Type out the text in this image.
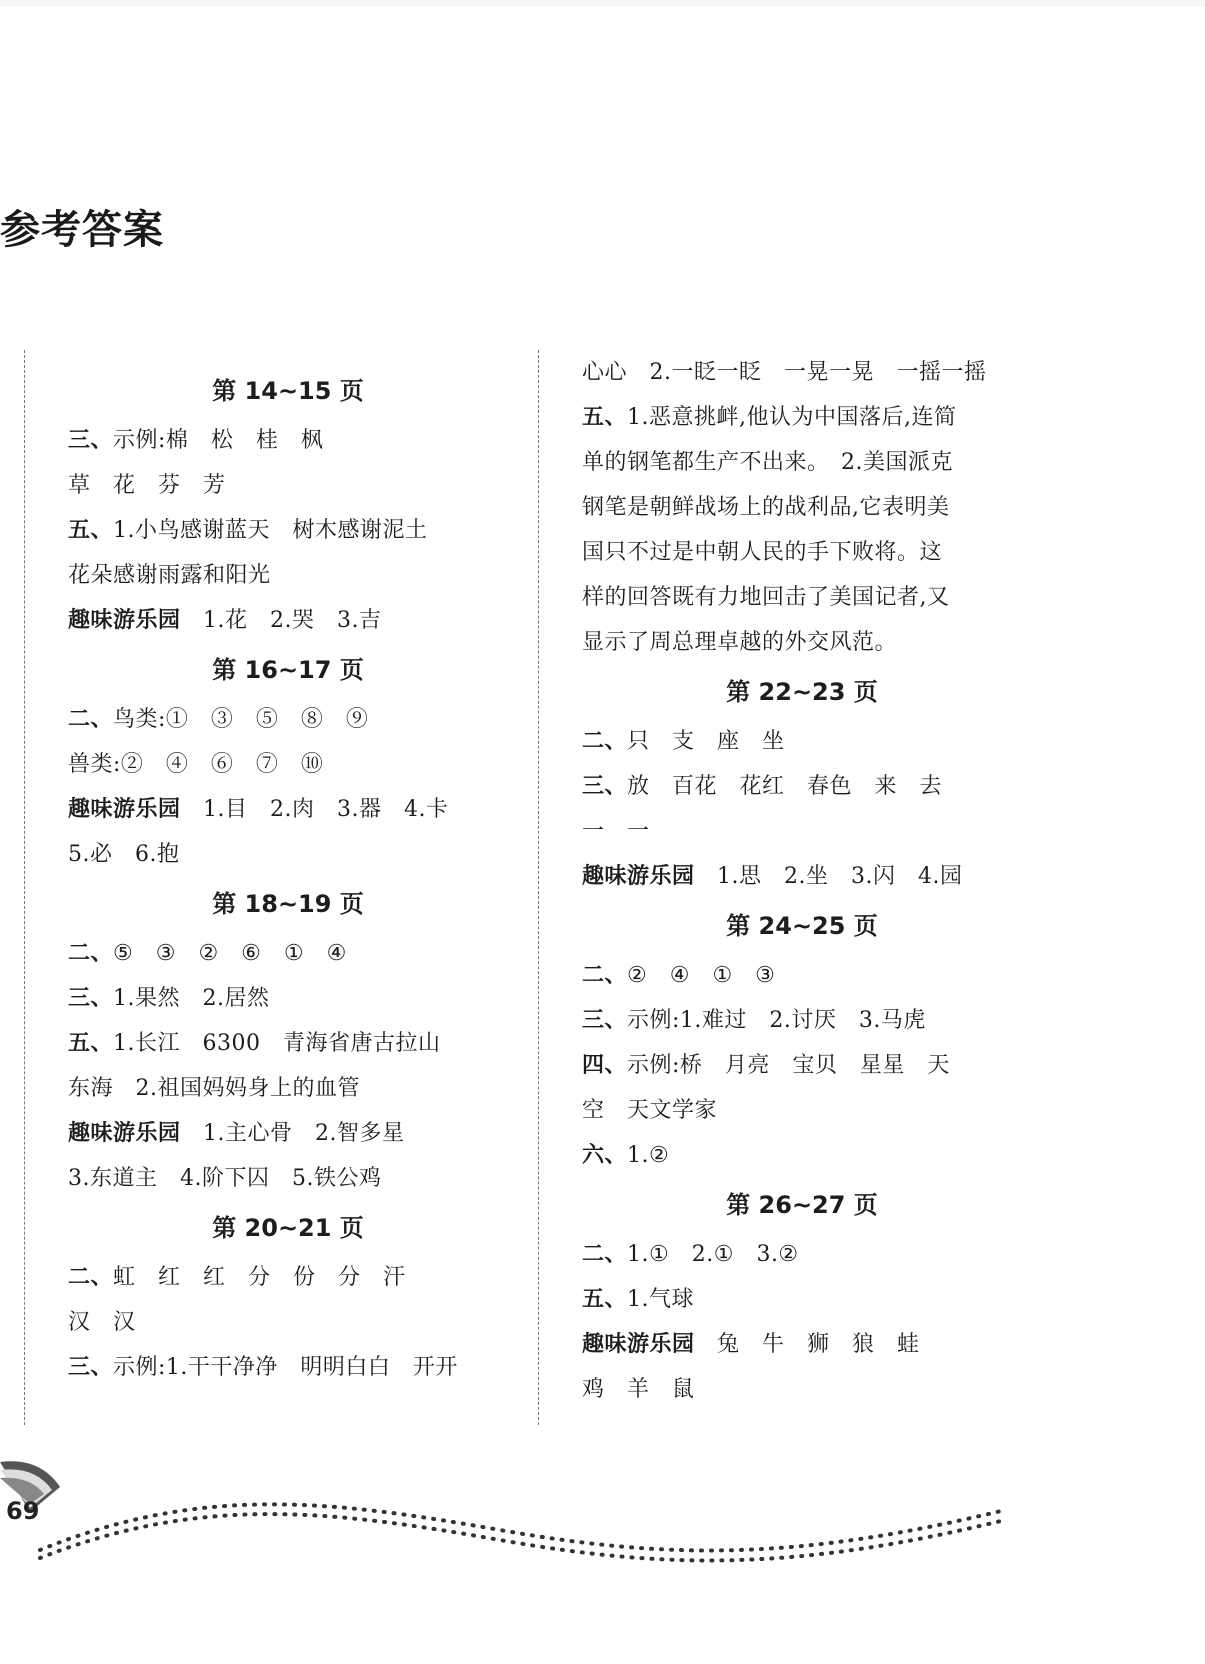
参考答案
第 14~15 页
三、示例:棉　松　桂　枫
草　花　芬　芳
五、1.小鸟感谢蓝天　树木感谢泥土
花朵感谢雨露和阳光
趣味游乐园　1.花　2.哭　3.吉
第 16~17 页
二、鸟类:①　③　⑤　⑧　⑨
兽类:②　④　⑥　⑦　⑩
趣味游乐园　1.目　2.肉　3.器　4.卡
5.必　6.抱
第 18~19 页
二、⑤　③　②　⑥　①　④
三、1.果然　2.居然
五、1.长江　6300　青海省唐古拉山
东海　2.祖国妈妈身上的血管
趣味游乐园　1.主心骨　2.智多星
3.东道主　4.阶下囚　5.铁公鸡
第 20~21 页
二、虹　红　红　分　份　分　汗
汉　汉
三、示例:1.干干净净　明明白白　开开
心心　2.一眨一眨　一晃一晃　一摇一摇
五、1.恶意挑衅,他认为中国落后,连简
单的钢笔都生产不出来。　2.美国派克
钢笔是朝鲜战场上的战利品,它表明美
国只不过是中朝人民的手下败将。这
样的回答既有力地回击了美国记者,又
显示了周总理卓越的外交风范。
第 22~23 页
二、只　支　座　坐
三、放　百花　花红　春色　来　去
一　一
趣味游乐园　1.思　2.坐　3.闪　4.园
第 24~25 页
二、②　④　①　③
三、示例:1.难过　2.讨厌　3.马虎
四、示例:桥　月亮　宝贝　星星　天
空　天文学家
六、1.②
第 26~27 页
二、1.①　2.①　3.②
五、1.气球
趣味游乐园　兔　牛　狮　狼　蛙
鸡　羊　鼠
69
